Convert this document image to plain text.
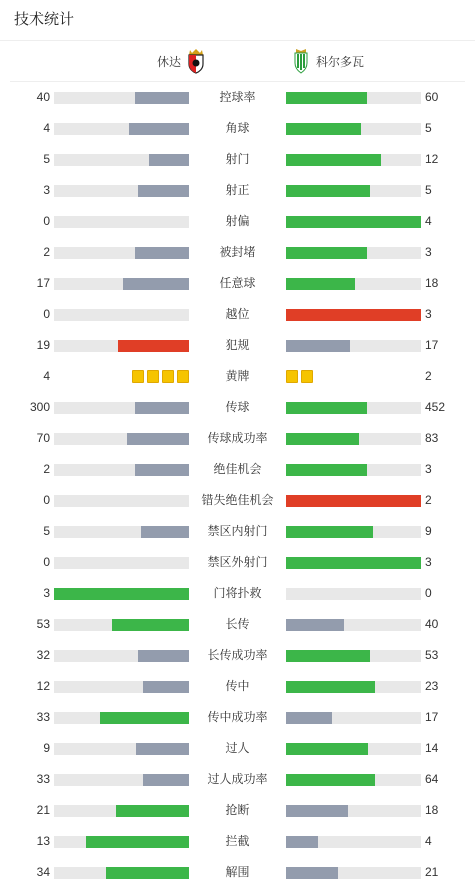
技术统计
休达	科尔多瓦
40	控球率	60
4	角球	5
5	射门	12
3	射正	5
0	射偏	4
2	被封堵	3
17	任意球	18
0	越位	3
19	犯规	17
4	黄牌	2
300	传球	452
70	传球成功率	83
2	绝佳机会	3
0	错失绝佳机会	2
5	禁区内射门	9
0	禁区外射门	3
3	门将扑救	0
53	长传	40
32	长传成功率	53
12	传中	23
33	传中成功率	17
9	过人	14
33	过人成功率	64
21	抢断	18
13	拦截	4
34	解围	21
